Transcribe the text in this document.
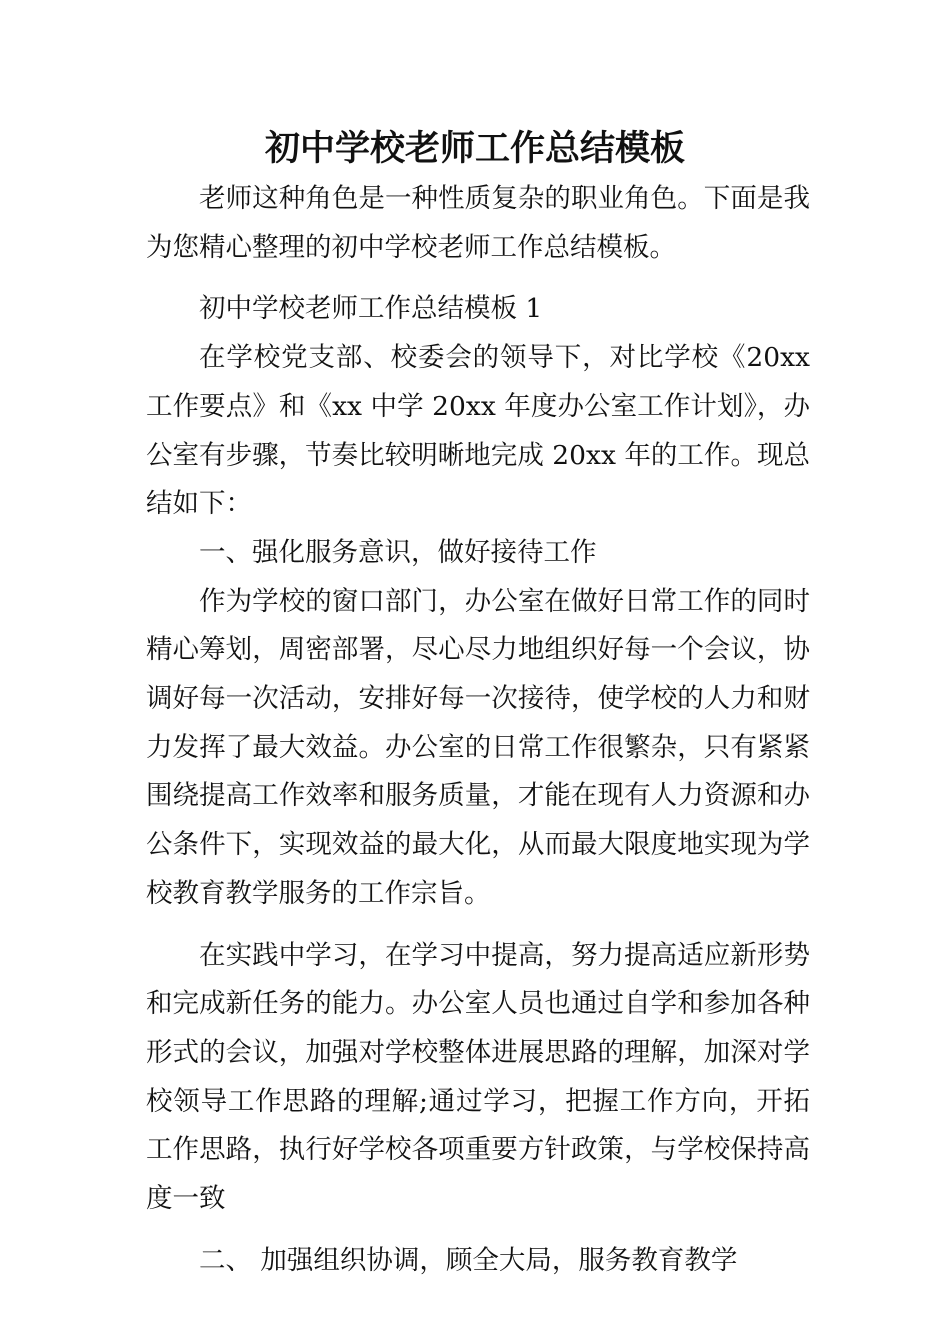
初中学校老师工作总结模板

老师这种角色是一种性质复杂的职业角色。下面是我为您精心整理的初中学校老师工作总结模板。

初中学校老师工作总结模板 1

在学校党支部、校委会的领导下，对比学校《20xx 工作要点》和《xx 中学 20xx 年度办公室工作计划》，办公室有步骤，节奏比较明晰地完成 20xx 年的工作。现总结如下：

一、强化服务意识，做好接待工作

作为学校的窗口部门，办公室在做好日常工作的同时精心筹划，周密部署，尽心尽力地组织好每一个会议，协调好每一次活动，安排好每一次接待，使学校的人力和财力发挥了最大效益。办公室的日常工作很繁杂，只有紧紧围绕提高工作效率和服务质量，才能在现有人力资源和办公条件下，实现效益的最大化，从而最大限度地实现为学校教育教学服务的工作宗旨。

在实践中学习，在学习中提高，努力提高适应新形势和完成新任务的能力。办公室人员也通过自学和参加各种形式的会议，加强对学校整体进展思路的理解，加深对学校领导工作思路的理解;通过学习，把握工作方向，开拓工作思路，执行好学校各项重要方针政策，与学校保持高度一致

二、 加强组织协调，顾全大局，服务教育教学
